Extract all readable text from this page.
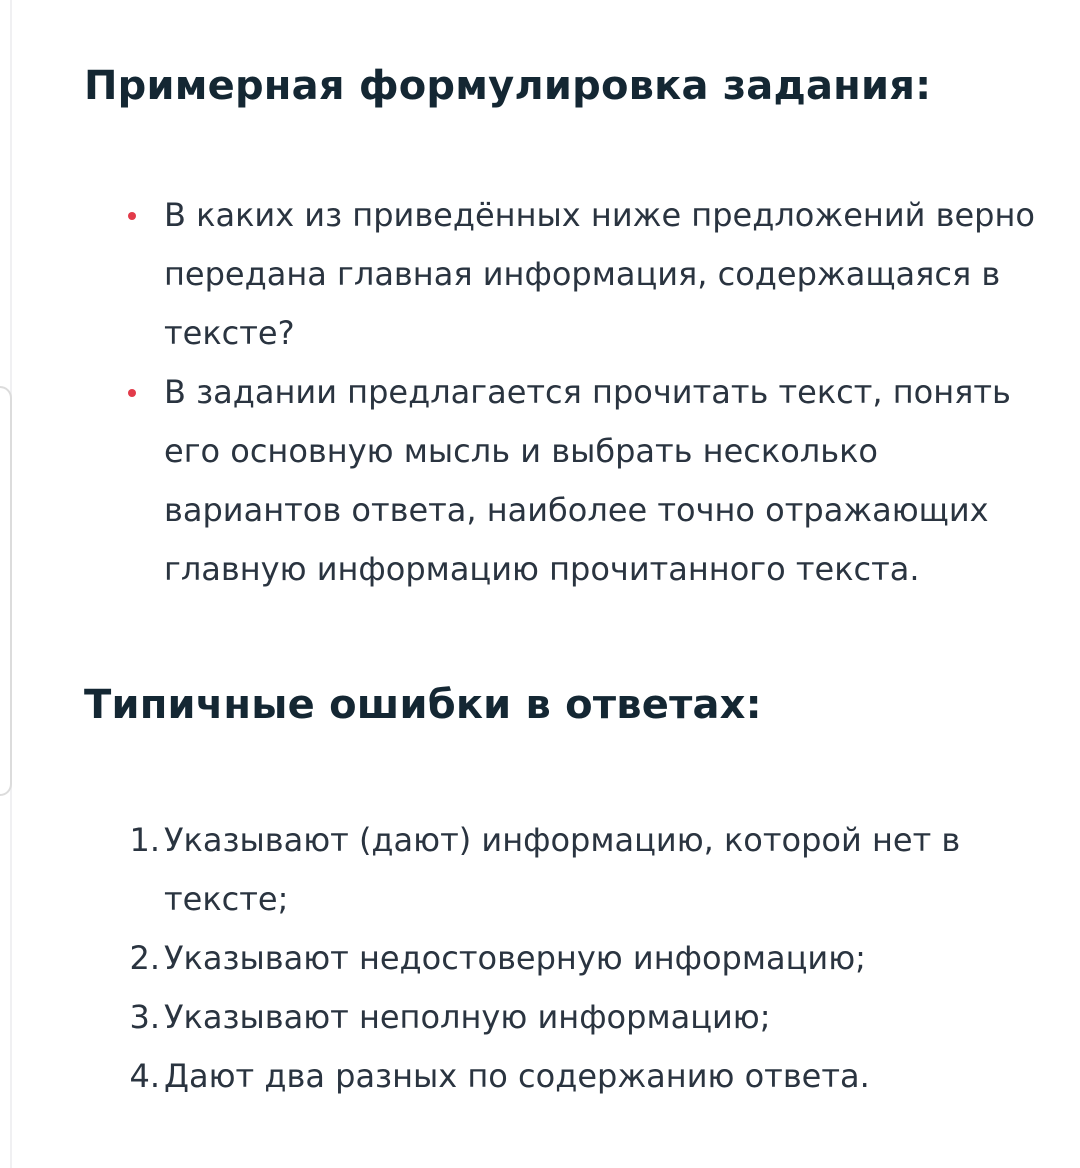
Примерная формулировка задания:
В каких из приведённых ниже предложений верно передана главная информация, содержащаяся в тексте?
В задании предлагается прочитать текст, понять его основную мысль и выбрать несколько вариантов ответа, наиболее точно отражающих главную информацию прочитанного текста.
Типичные ошибки в ответах:
1. Указывают (дают) информацию, которой нет в тексте;
2. Указывают недостоверную информацию;
3. Указывают неполную информацию;
4. Дают два разных по содержанию ответа.
